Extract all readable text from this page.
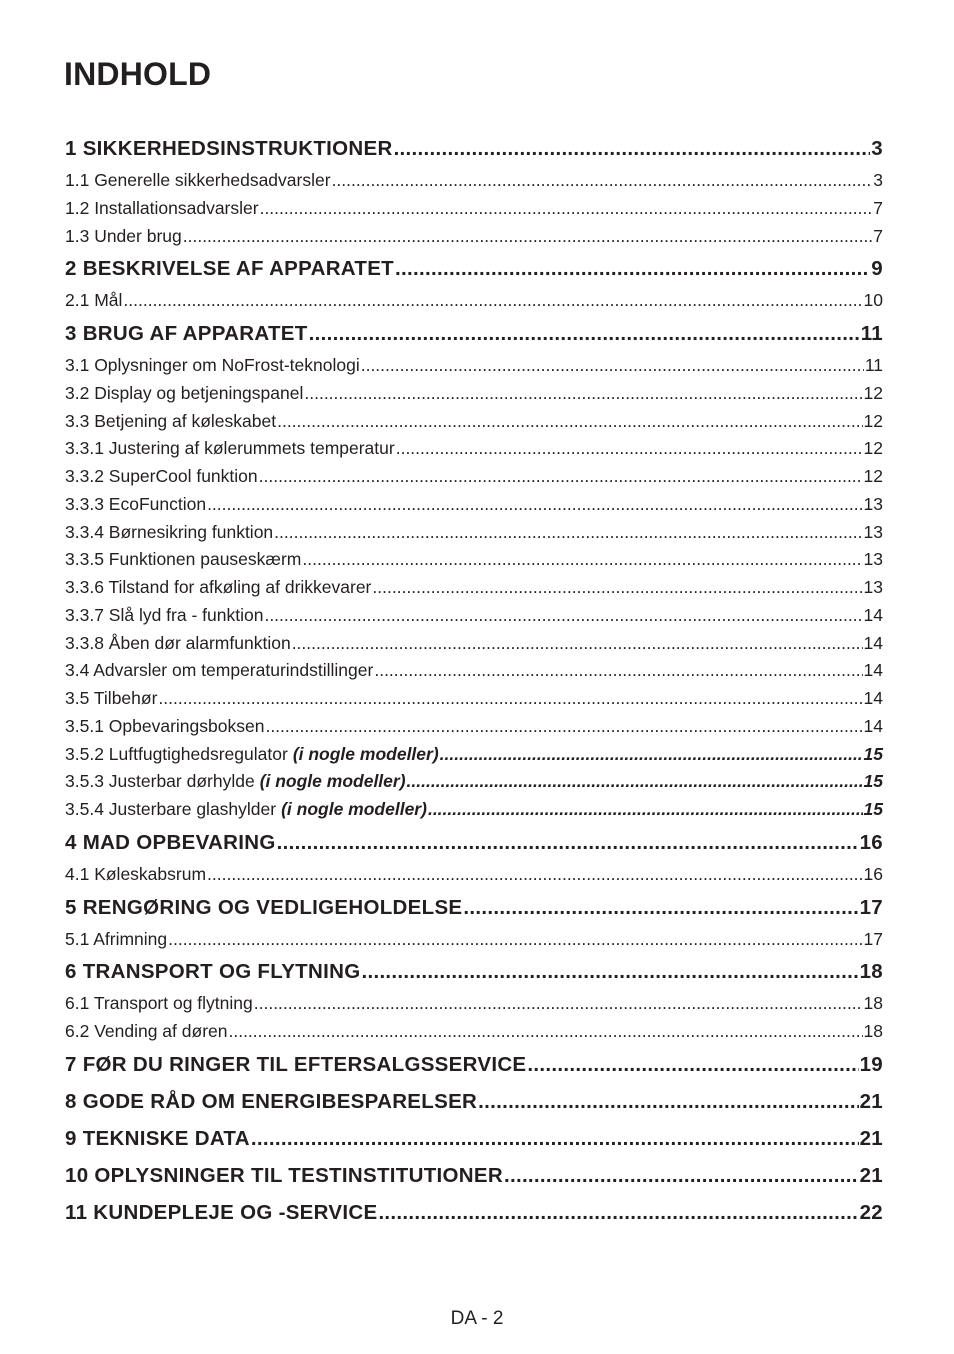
INDHOLD
1 SIKKERHEDSINSTRUKTIONER .....	3
1.1 Generelle sikkerhedsadvarsler .....	3
1.2 Installationsadvarsler .....	7
1.3 Under brug .....	7
2 BESKRIVELSE AF APPARATET .....	9
2.1 Mål .....	10
3 BRUG AF APPARATET .....	11
3.1 Oplysninger om NoFrost-teknologi .....	11
3.2 Display og betjeningspanel .....	12
3.3 Betjening af køleskabet .....	12
3.3.1 Justering af kølerummets temperatur .....	12
3.3.2 SuperCool funktion .....	12
3.3.3 EcoFunction .....	13
3.3.4 Børnesikring funktion .....	13
3.3.5 Funktionen pauseskærm .....	13
3.3.6 Tilstand for afkøling af drikkevarer .....	13
3.3.7 Slå lyd fra - funktion .....	14
3.3.8 Åben dør alarmfunktion .....	14
3.4 Advarsler om temperaturindstillinger .....	14
3.5 Tilbehør .....	14
3.5.1 Opbevaringsboksen .....	14
3.5.2 Luftfugtighedsregulator (i nogle modeller) .....	15
3.5.3 Justerbar dørhylde (i nogle modeller) .....	15
3.5.4 Justerbare glashylder (i nogle modeller) .....	15
4 MAD OPBEVARING .....	16
4.1 Køleskabsrum .....	16
5 RENGØRING OG VEDLIGEHOLDELSE .....	17
5.1 Afrimning .....	17
6 TRANSPORT OG FLYTNING .....	18
6.1 Transport og flytning .....	18
6.2 Vending af døren .....	18
7 FØR DU RINGER TIL EFTERSALGSSERVICE .....	19
8 GODE RÅD OM ENERGIBESPARELSER .....	21
9 TEKNISKE DATA .....	21
10 OPLYSNINGER TIL TESTINSTITUTIONER .....	21
11 KUNDEPLEJE OG -SERVICE .....	22
DA - 2
